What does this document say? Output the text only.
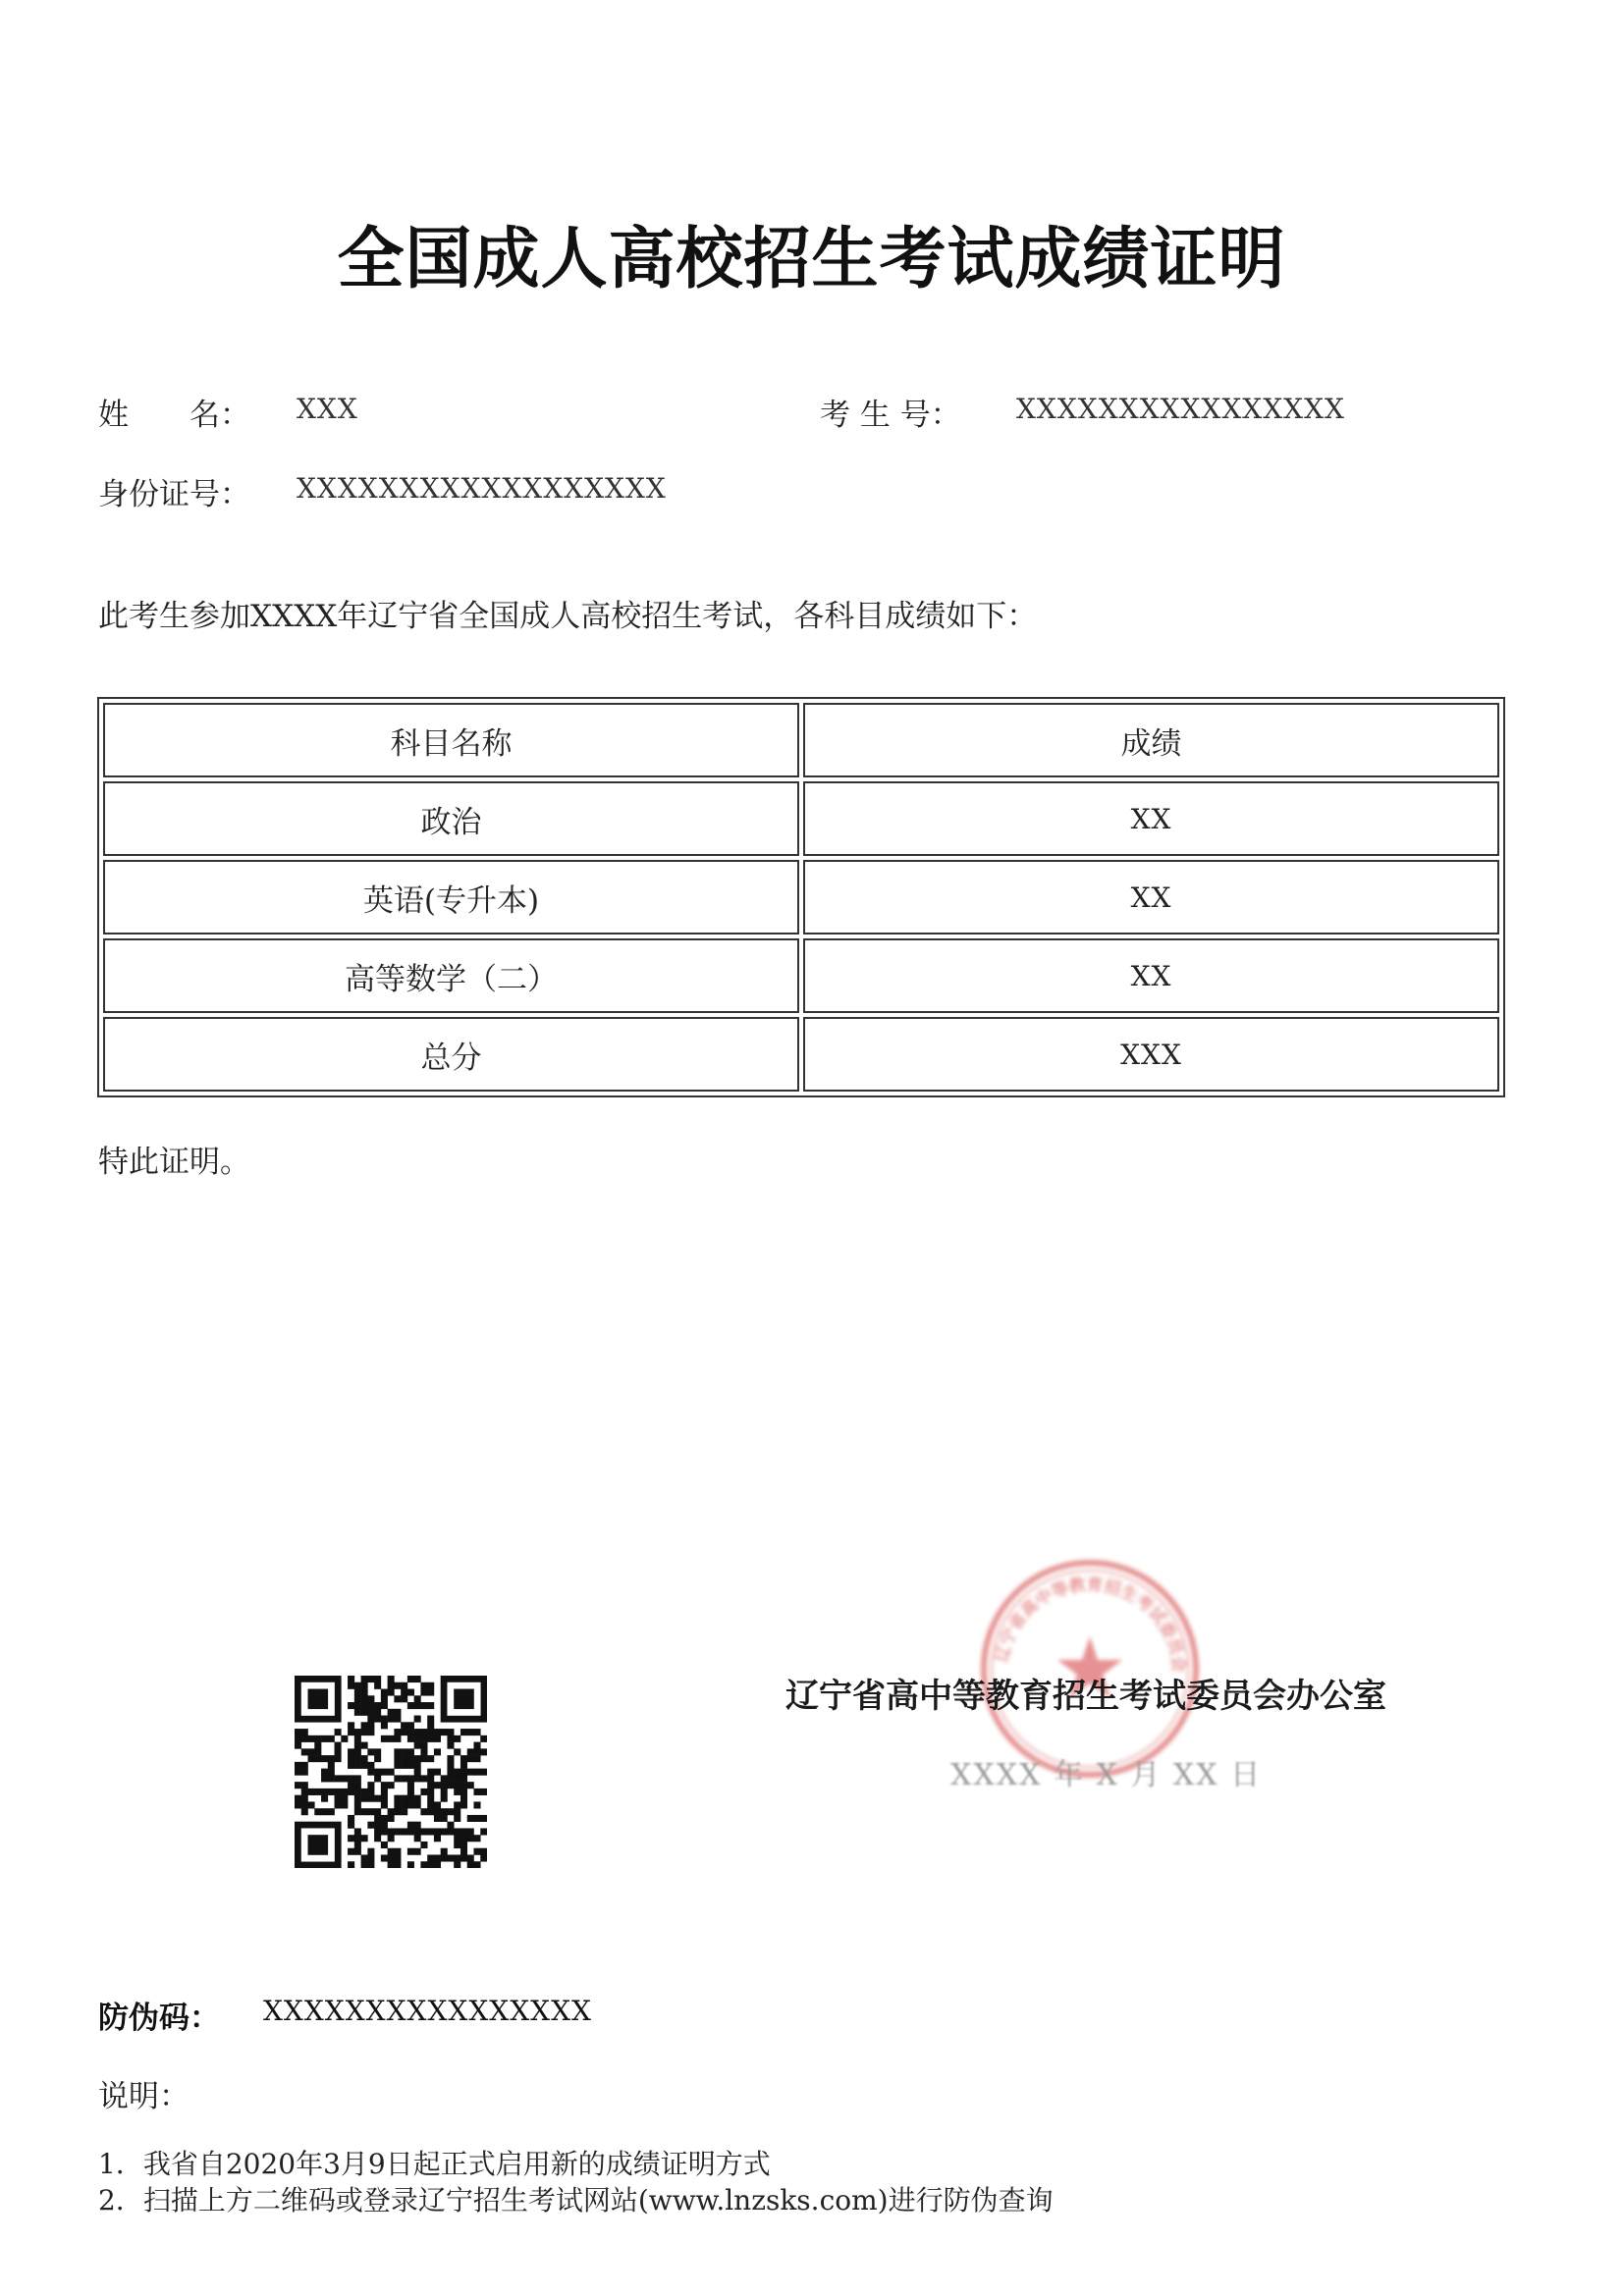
全国成人高校招生考试成绩证明
姓　　名： XXX	考 生 号： XXXXXXXXXXXXXXXX
身份证号： XXXXXXXXXXXXXXXXXX
此考生参加XXXX年辽宁省全国成人高校招生考试，各科目成绩如下：
科目名称	成绩
政治	XX
英语(专升本)	XX
高等数学（二）	XX
总分	XXX
特此证明。
辽宁省高中等教育招生考试委员会
辽宁省高中等教育招生考试委员会办公室
XXXX 年 X 月 XX 日
防伪码： XXXXXXXXXXXXXXXX
说明：
1．我省自2020年3月9日起正式启用新的成绩证明方式
2．扫描上方二维码或登录辽宁招生考试网站(www.lnzsks.com)进行防伪查询
